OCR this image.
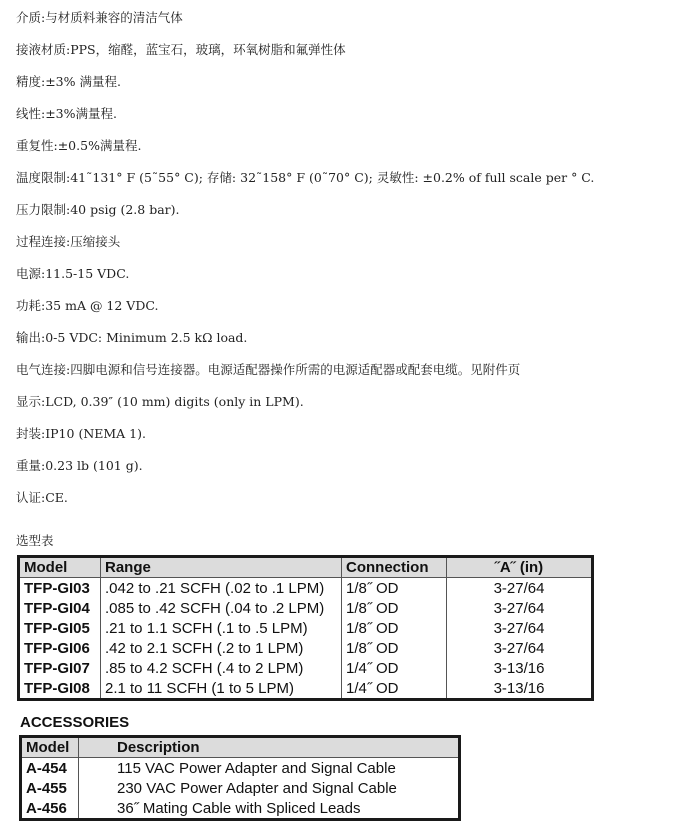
介质:与材质料兼容的清洁气体
接液材质:PPS，缩醛，蓝宝石，玻璃，环氧树脂和氟弹性体
精度:±3% 满量程.
线性:±3%满量程.
重复性:±0.5%满量程.
温度限制:41˜131° F (5˜55° C); 存储: 32˜158° F (0˜70° C); 灵敏性: ±0.2% of full scale per ° C.
压力限制:40 psig (2.8 bar).
过程连接:压缩接头
电源:11.5-15 VDC.
功耗:35 mA @ 12 VDC.
输出:0-5 VDC: Minimum 2.5 kΩ load.
电气连接:四脚电源和信号连接器。电源适配器操作所需的电源适配器或配套电缆。见附件页
显示:LCD, 0.39″ (10 mm) digits (only in LPM).
封装:IP10 (NEMA 1).
重量:0.23 lb (101 g).
认证:CE.
选型表
Model	Range	Connection	˝A˝ (in)
TFP-GI03	.042 to .21 SCFH (.02 to .1 LPM)	1/8˝ OD	3-27/64
TFP-GI04	.085 to .42 SCFH (.04 to .2 LPM)	1/8˝ OD	3-27/64
TFP-GI05	.21 to 1.1 SCFH (.1 to .5 LPM)	1/8˝ OD	3-27/64
TFP-GI06	.42 to 2.1 SCFH (.2 to 1 LPM)	1/8˝ OD	3-27/64
TFP-GI07	.85 to 4.2 SCFH (.4 to 2 LPM)	1/4˝ OD	3-13/16
TFP-GI08	2.1 to 11 SCFH (1 to 5 LPM)	1/4˝ OD	3-13/16
ACCESSORIES
Model	Description
A-454	115 VAC Power Adapter and Signal Cable
A-455	230 VAC Power Adapter and Signal Cable
A-456	36˝ Mating Cable with Spliced Leads
